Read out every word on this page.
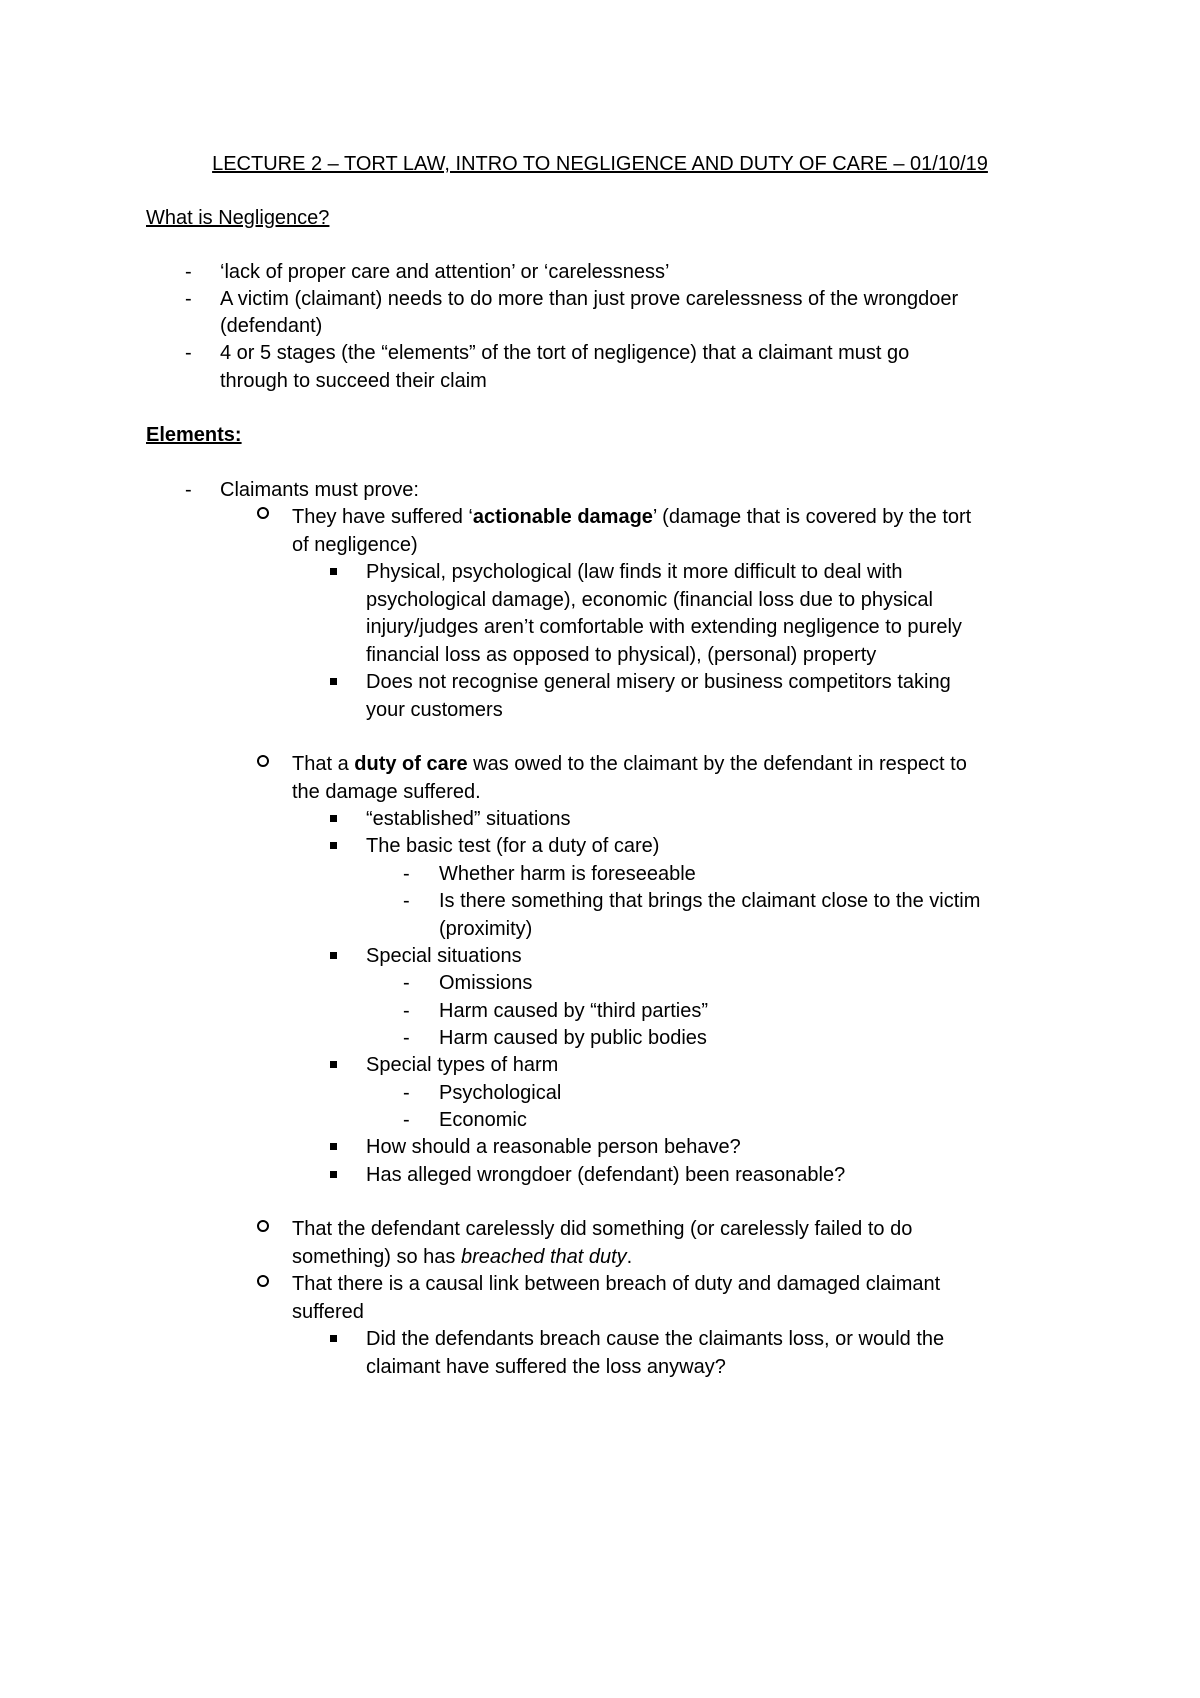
LECTURE 2 – TORT LAW, INTRO TO NEGLIGENCE AND DUTY OF CARE – 01/10/19
What is Negligence?
- ‘lack of proper care and attention’ or ‘carelessness’
- A victim (claimant) needs to do more than just prove carelessness of the wrongdoer
(defendant)
- 4 or 5 stages (the “elements” of the tort of negligence) that a claimant must go
through to succeed their claim
Elements:
- Claimants must prove:
They have suffered ‘actionable damage’ (damage that is covered by the tort
of negligence)
Physical, psychological (law finds it more difficult to deal with
psychological damage), economic (financial loss due to physical
injury/judges aren’t comfortable with extending negligence to purely
financial loss as opposed to physical), (personal) property
Does not recognise general misery or business competitors taking
your customers
That a duty of care was owed to the claimant by the defendant in respect to
the damage suffered.
“established” situations
The basic test (for a duty of care)
- Whether harm is foreseeable
- Is there something that brings the claimant close to the victim
(proximity)
Special situations
- Omissions
- Harm caused by “third parties”
- Harm caused by public bodies
Special types of harm
- Psychological
- Economic
How should a reasonable person behave?
Has alleged wrongdoer (defendant) been reasonable?
That the defendant carelessly did something (or carelessly failed to do
something) so has breached that duty.
That there is a causal link between breach of duty and damaged claimant
suffered
Did the defendants breach cause the claimants loss, or would the
claimant have suffered the loss anyway?
